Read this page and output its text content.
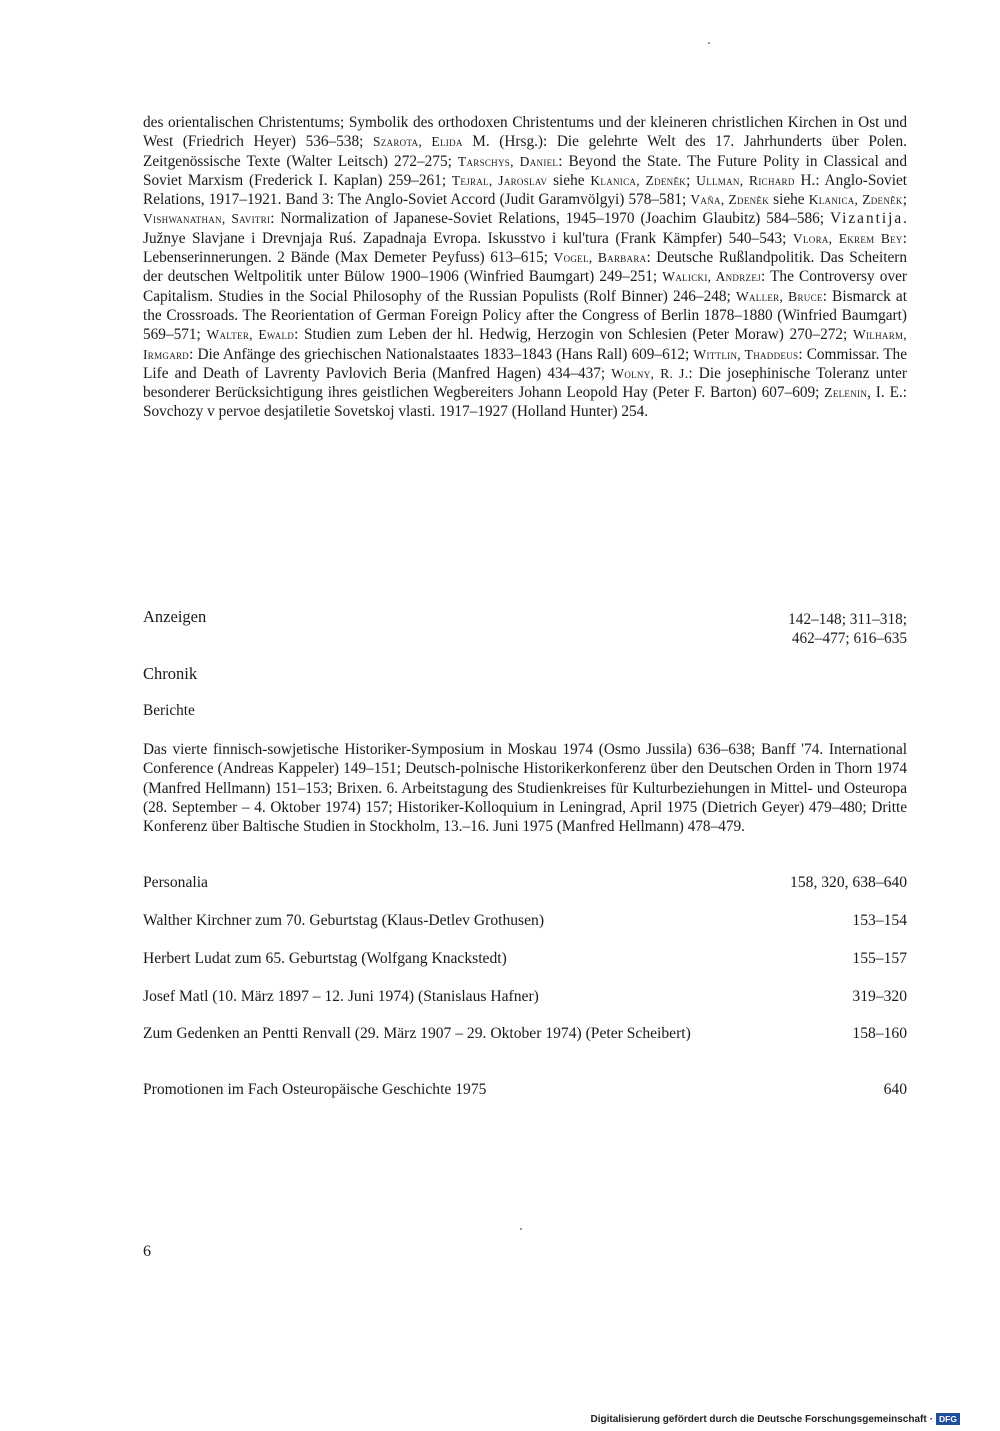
des orientalischen Christentums; Symbolik des orthodoxen Christentums und der kleineren christlichen Kirchen in Ost und West (Friedrich Heyer) 536–538; Szarota, Elida M. (Hrsg.): Die gelehrte Welt des 17. Jahrhunderts über Polen. Zeitgenössische Texte (Walter Leitsch) 272–275; Tarschys, Daniel: Beyond the State. The Future Polity in Classical and Soviet Marxism (Frederick I. Kaplan) 259–261; Tejral, Jaroslav siehe Klanica, Zdeněk; Ullman, Richard H.: Anglo-Soviet Relations, 1917–1921. Band 3: The Anglo-Soviet Accord (Judit Garamvölgyi) 578–581; Vaňa, Zdeněk siehe Klanica, Zdeněk; Vishwanathan, Savitri: Normalization of Japanese-Soviet Relations, 1945–1970 (Joachim Glaubitz) 584–586; Vizantija. Južnye Slavjane i Drevnjaja Ruś. Zapadnaja Evropa. Iskusstvo i kul'tura (Frank Kämpfer) 540–543; Vlora, Ekrem Bey: Lebenserinnerungen. 2 Bände (Max Demeter Peyfuss) 613–615; Vogel, Barbara: Deutsche Rußlandpolitik. Das Scheitern der deutschen Weltpolitik unter Bülow 1900–1906 (Winfried Baumgart) 249–251; Walicki, Andrzej: The Controversy over Capitalism. Studies in the Social Philosophy of the Russian Populists (Rolf Binner) 246–248; Waller, Bruce: Bismarck at the Crossroads. The Reorientation of German Foreign Policy after the Congress of Berlin 1878–1880 (Winfried Baumgart) 569–571; Walter, Ewald: Studien zum Leben der hl. Hedwig, Herzogin von Schlesien (Peter Moraw) 270–272; Wilharm, Irmgard: Die Anfänge des griechischen Nationalstaates 1833–1843 (Hans Rall) 609–612; Wittlin, Thaddeus: Commissar. The Life and Death of Lavrenty Pavlovich Beria (Manfred Hagen) 434–437; Wolny, R. J.: Die josephinische Toleranz unter besonderer Berücksichtigung ihres geistlichen Wegbereiters Johann Leopold Hay (Peter F. Barton) 607–609; Zelenin, I. E.: Sovchozy v pervoe desjatiletie Sovetskoj vlasti. 1917–1927 (Holland Hunter) 254.
Anzeigen	142–148; 311–318;
462–477; 616–635
Chronik
Berichte
Das vierte finnisch-sowjetische Historiker-Symposium in Moskau 1974 (Osmo Jussila) 636–638; Banff '74. International Conference (Andreas Kappeler) 149–151; Deutsch-polnische Historikerkonferenz über den Deutschen Orden in Thorn 1974 (Manfred Hellmann) 151–153; Brixen. 6. Arbeitstagung des Studienkreises für Kulturbeziehungen in Mittel- und Osteuropa (28. September – 4. Oktober 1974) 157; Historiker-Kolloquium in Leningrad, April 1975 (Dietrich Geyer) 479–480; Dritte Konferenz über Baltische Studien in Stockholm, 13.–16. Juni 1975 (Manfred Hellmann) 478–479.
Personalia	158, 320, 638–640
Walther Kirchner zum 70. Geburtstag (Klaus-Detlev Grothusen)	153–154
Herbert Ludat zum 65. Geburtstag (Wolfgang Knackstedt)	155–157
Josef Matl (10. März 1897 – 12. Juni 1974) (Stanislaus Hafner)	319–320
Zum Gedenken an Pentti Renvall (29. März 1907 – 29. Oktober 1974) (Peter Scheibert)	158–160
Promotionen im Fach Osteuropäische Geschichte 1975	640
6
Digitalisierung gefördert durch die Deutsche Forschungsgemeinschaft · DFG
